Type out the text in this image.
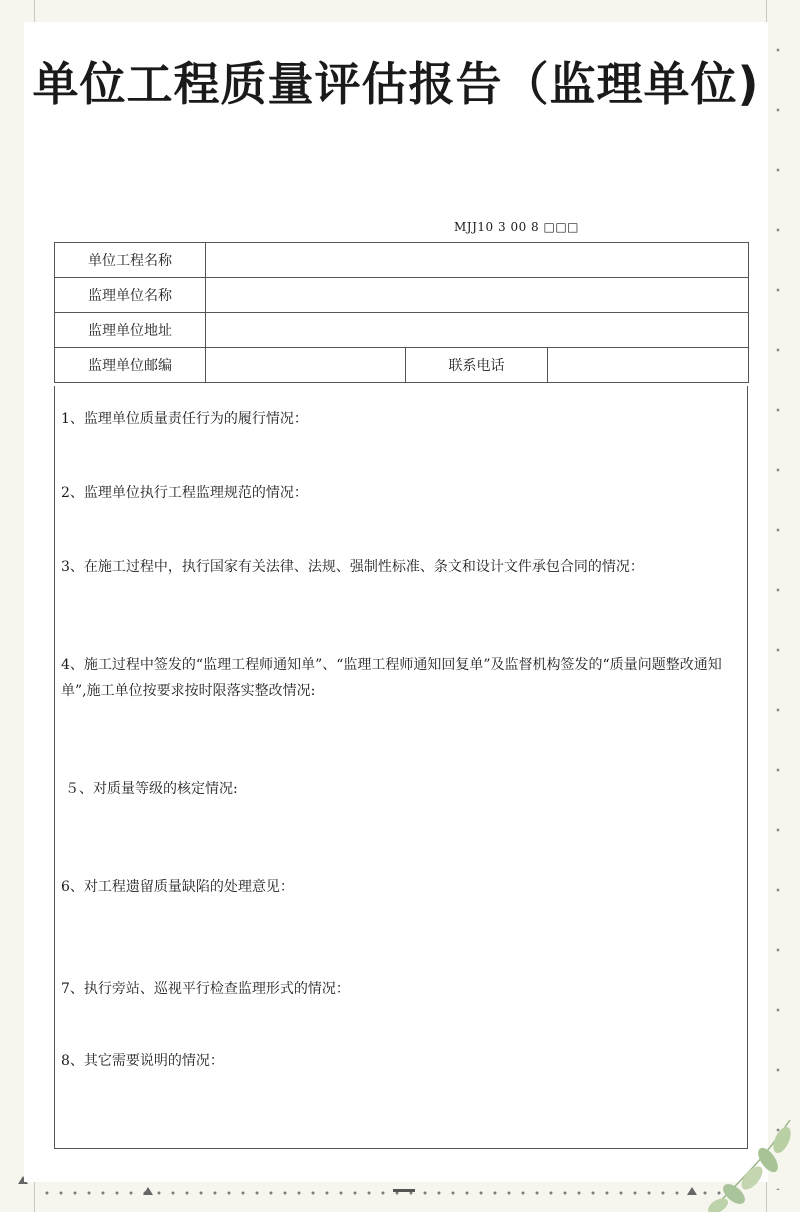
单位工程质量评估报告（监理单位)
MJJ10 3 00 8 □□□
单位工程名称			
监理单位名称			
监理单位地址			
监理单位邮编		联系电话	
1、监理单位质量责任行为的履行情况：
2、监理单位执行工程监理规范的情况：
3、在施工过程中，执行国家有关法律、法规、强制性标准、条文和设计文件承包合同的情况：
4、施工过程中签发的“监理工程师通知单”、“监理工程师通知回复单”及监督机构签发的“质量问题整改通知单”,施工单位按要求按时限落实整改情况:
５、对质量等级的核定情况:
6、对工程遗留质量缺陷的处理意见：
7、执行旁站、巡视平行检查监理形式的情况：
8、其它需要说明的情况：
